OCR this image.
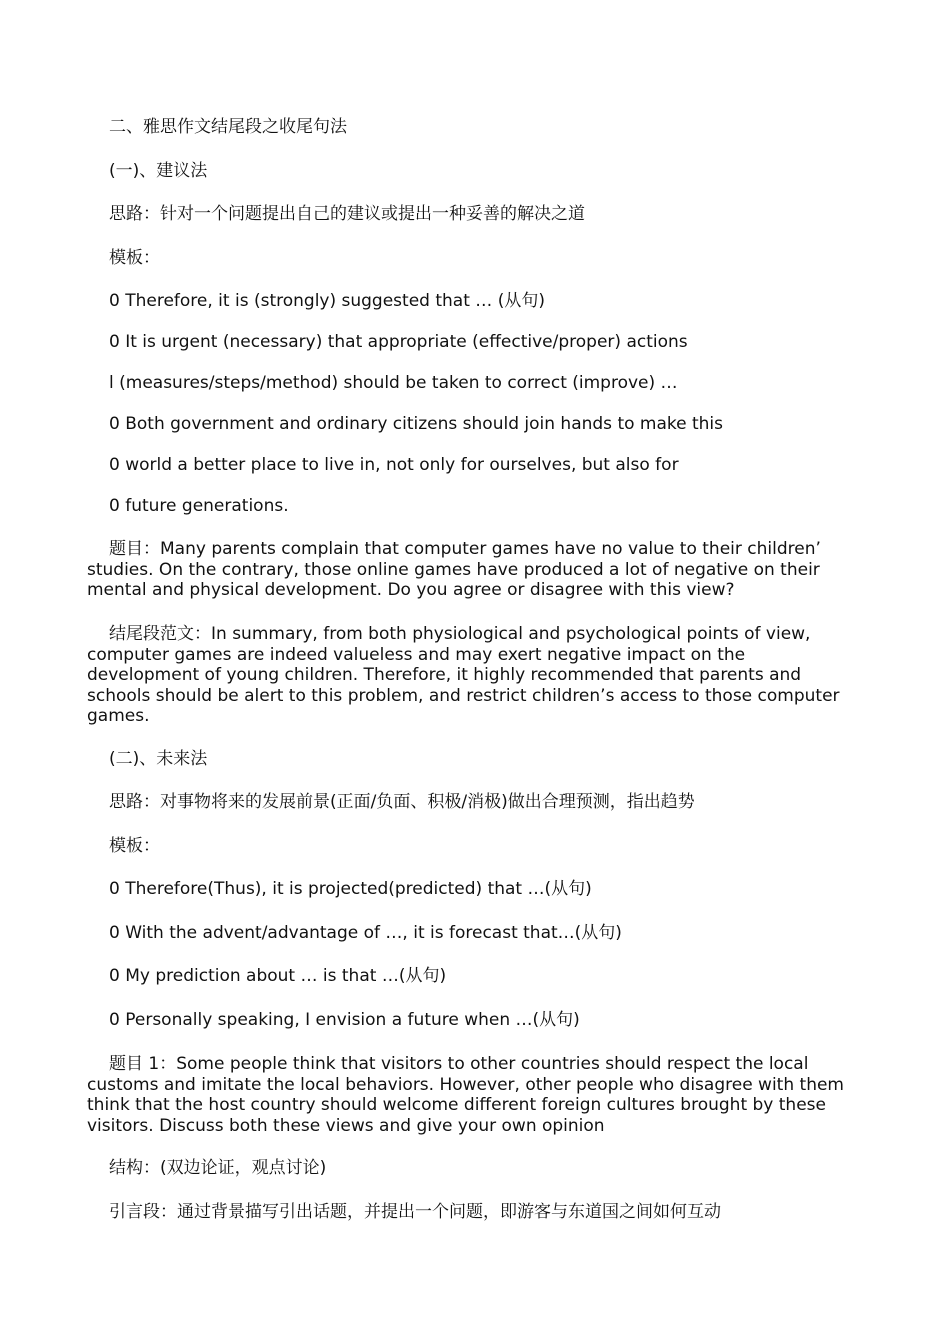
二、雅思作文结尾段之收尾句法
(一)、建议法
思路：针对一个问题提出自己的建议或提出一种妥善的解决之道
模板：
0 Therefore, it is (strongly) suggested that … (从句)
0 It is urgent (necessary) that appropriate (effective/proper) actions
l (measures/steps/method) should be taken to correct (improve) …
0 Both government and ordinary citizens should join hands to make this
0 world a better place to live in, not only for ourselves, but also for
0 future generations.
题目：Many parents complain that computer games have no value to their children’ studies. On the contrary, those online games have produced a lot of negative on their mental and physical development. Do you agree or disagree with this view?
结尾段范文：In summary, from both physiological and psychological points of view, computer games are indeed valueless and may exert negative impact on the development of young children. Therefore, it highly recommended that parents and schools should be alert to this problem, and restrict children’s access to those computer games.
(二)、未来法
思路：对事物将来的发展前景(正面/负面、积极/消极)做出合理预测，指出趋势
模板：
0 Therefore(Thus), it is projected(predicted) that …(从句)
0 With the advent/advantage of …, it is forecast that…(从句)
0 My prediction about … is that …(从句)
0 Personally speaking, I envision a future when …(从句)
题目 1：Some people think that visitors to other countries should respect the local customs and imitate the local behaviors. However, other people who disagree with them think that the host country should welcome different foreign cultures brought by these visitors. Discuss both these views and give your own opinion
结构：(双边论证，观点讨论)
引言段：通过背景描写引出话题，并提出一个问题，即游客与东道国之间如何互动
